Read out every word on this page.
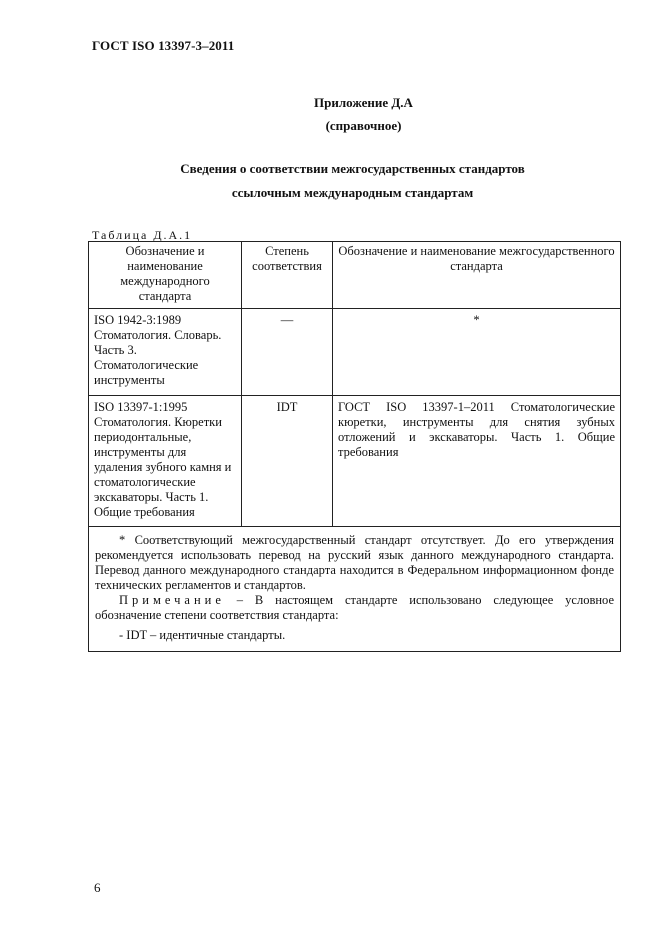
ГОСТ ISO 13397-3–2011
Приложение Д.А
(справочное)
Сведения о соответствии межгосударственных стандартов
ссылочным международным стандартам
Таблица Д.А.1
Обозначение и наименование международного стандарта	Степень соответствия	Обозначение и наименование межгосударственного стандарта
ISO 1942-3:1989 Стоматология. Словарь. Часть 3. Стоматологические инструменты	—	*
ISO 13397-1:1995 Стоматология. Кюретки периодонтальные, инструменты для удаления зубного камня и стоматологические экскаваторы. Часть 1. Общие требования	IDT	ГОСТ ISO 13397-1–2011 Стоматологические кюретки, инструменты для снятия зубных отложений и экскаваторы. Часть 1. Общие требования

* Соответствующий межгосударственный стандарт отсутствует. До его утверждения рекомендуется использовать перевод на русский язык данного международного стандарта. Перевод данного международного стандарта находится в Федеральном информационном фонде технических регламентов и стандартов.

Примечание – В настоящем стандарте использовано следующее условное обозначение степени соответствия стандарта:

- IDT – идентичные стандарты.		

6
